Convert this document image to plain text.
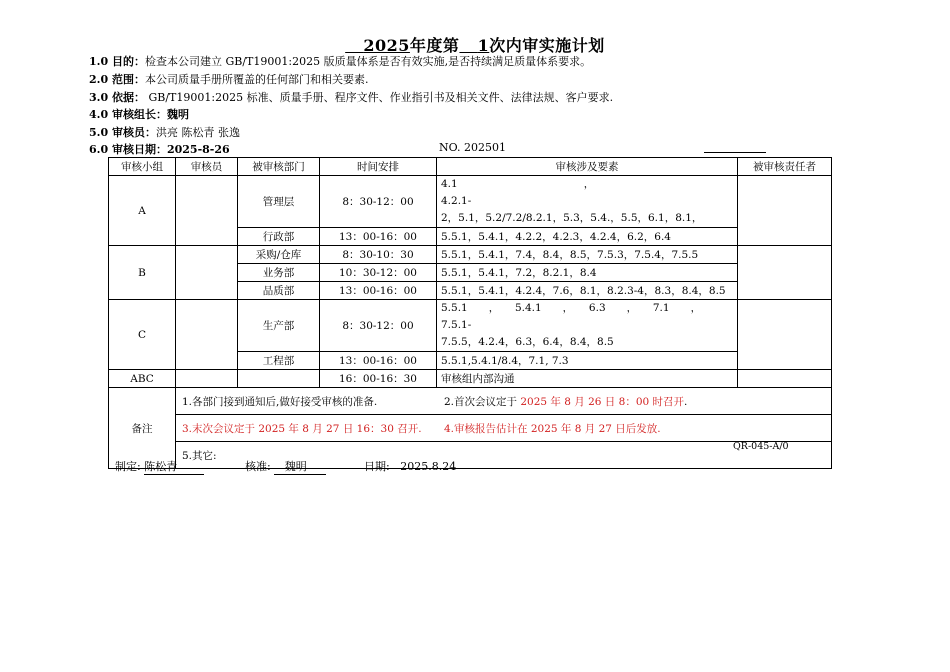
2025年度第 1次内审实施计划
1.0 目的：检查本公司建立 GB/T19001:2025 版质量体系是否有效实施,是否持续满足质量体系要求。
2.0 范围：本公司质量手册所覆盖的任何部门和相关要素.
3.0 依据： GB/T19001:2025 标准、质量手册、程序文件、作业指引书及相关文件、法律法规、客户要求.
4.0 审核组长：魏明
5.0 审核员：洪亮 陈松青 张逸
6.0 审核日期：2025-8-26	NO. 202501
审核小组	审核员	被审核部门	时间安排	审核涉及要素	被审核责任者
A		管理层	8：30-12：00	4.1　　　　　　　　　　　　，　　　　　　　　　　　　4.2.1-
2，5.1，5.2/7.2/8.2.1，5.3，5.4.，5.5，6.1，8.1，	

		行政部	13：00-16：00	5.5.1，5.4.1，4.2.2，4.2.3，4.2.4，6.2，6.4	
B		采购/仓库	8：30-10：30	5.5.1，5.4.1，7.4，8.4，8.5，7.5.3，7.5.4，7.5.5	
		业务部	10：30-12：00	5.5.1，5.4.1，7.2，8.2.1，8.4	
		品质部	13：00-16：00	5.5.1，5.4.1，4.2.4，7.6，8.1，8.2.3-4，8.3，8.4，8.5	
C		生产部	8：30-12：00	5.5.1　　，　　5.4.1　　，　　6.3　　，　　7.1　　，　　7.5.1-
7.5.5，4.2.4，6.3，6.4，8.4，8.5	

		工程部	13：00-16：00	5.5.1,5.4.1/8.4，7.1, 7.3	
ABC			16：00-16：30	审核组内部沟通	
备注	1.各部门接到通知后,做好接受审核的准备. 2.首次会议定于 2025 年 8 月 26 日 8：00 时召开.				
	3.末次会议定于 2025 年 8 月 27 日 16：30 召开. 4.审核报告估计在 2025 年 8 月 27 日后发放.				
	5.其它:				
QR-045-A/0
制定: 陈松青	核准: 魏明	日期: 2025.8.24
